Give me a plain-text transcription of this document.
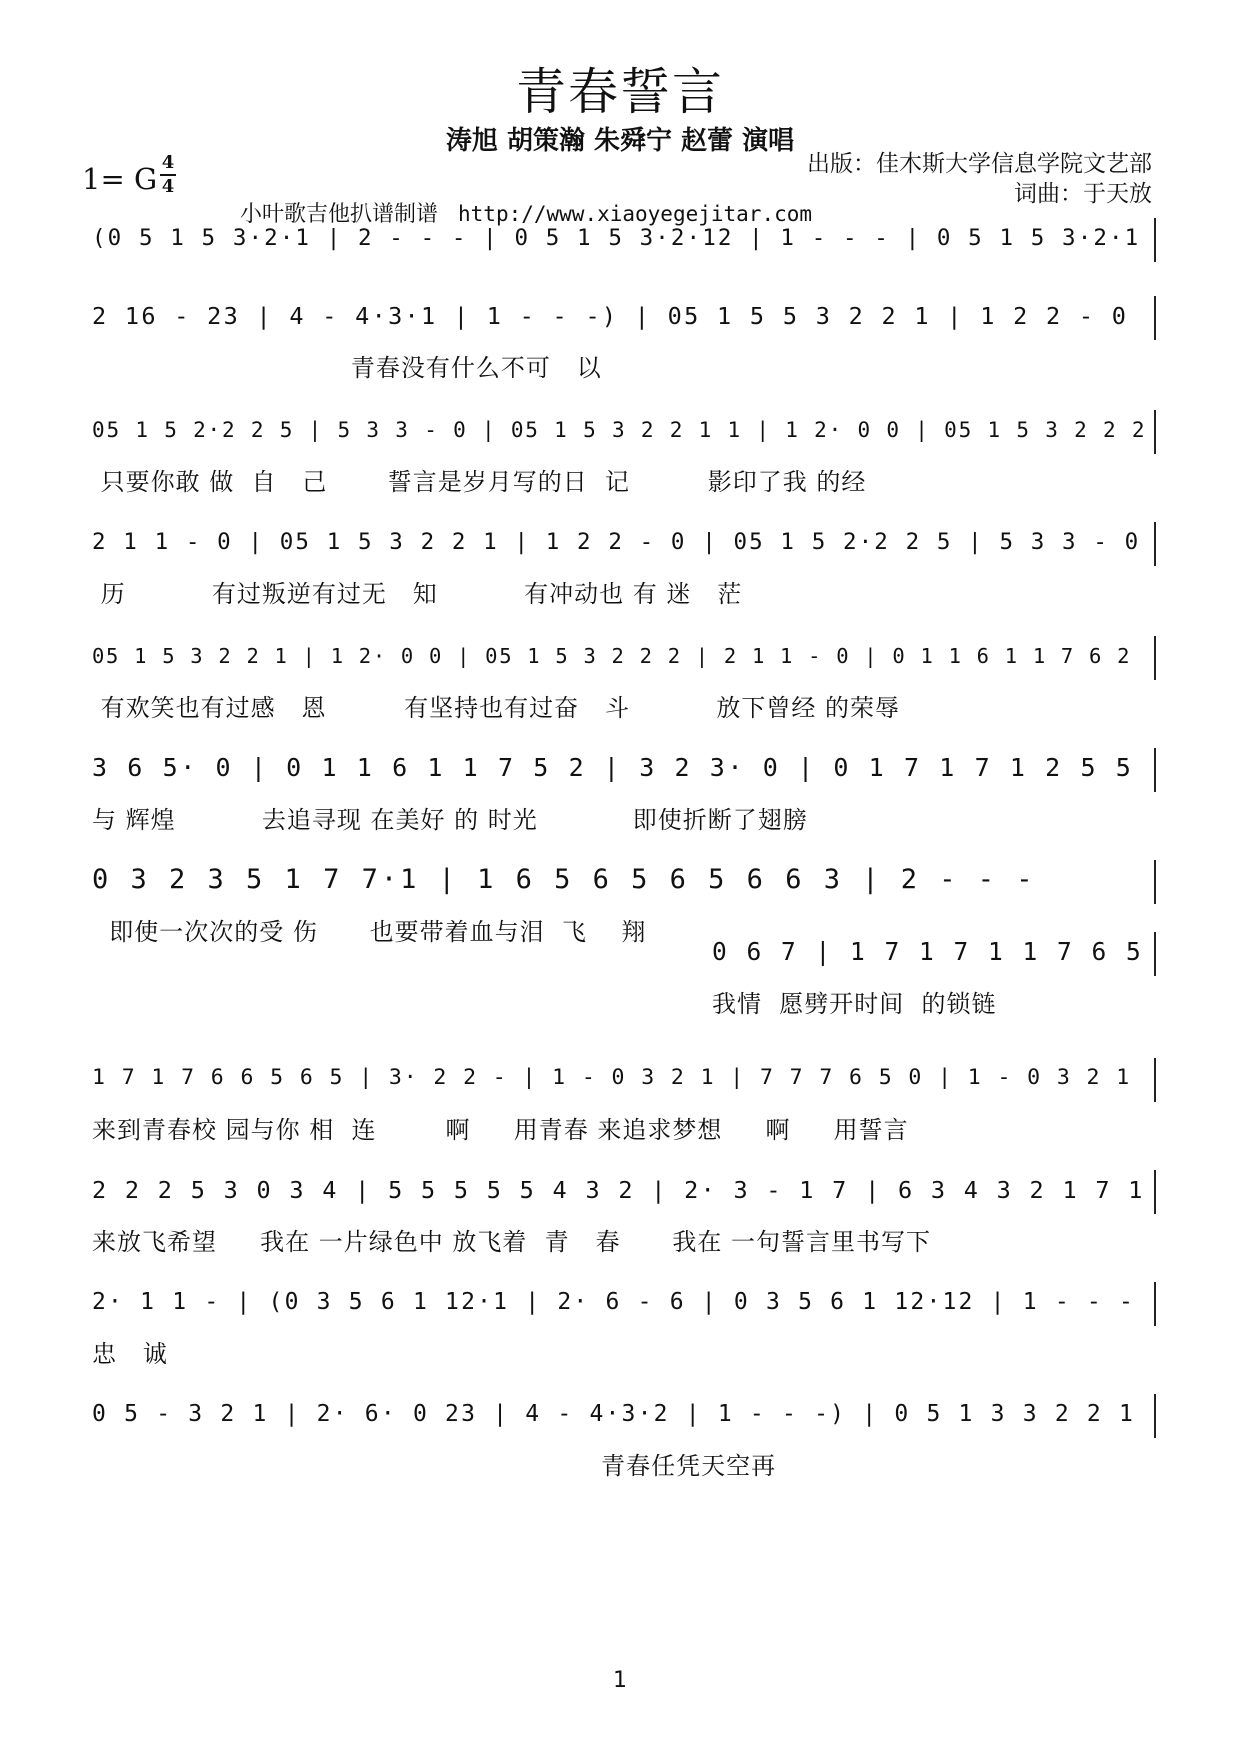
青春誓言
涛旭 胡策瀚 朱舜宁 赵蕾 演唱
出版：佳木斯大学信息学院文艺部
词曲：于天放
1= G 4
4
小叶歌吉他扒谱制谱 http://www.xiaoyegejitar.com
(0 5 1 5 3·2·1 | 2 - - - | 0 5 1 5 3·2·12 | 1 - - - | 0 5 1 5 3·2·1
2 16 - 23 | 4 - 4·3·1 | 1 - - -) | 05 1 5 5 3 2 2 1 | 1 2 2 - 0
青春没有什么不可   以
05 1 5 2·2 2 5 | 5 3 3 - 0 | 05 1 5 3 2 2 1 1 | 1 2· 0 0 | 05 1 5 3 2 2 2
只要你敢 做  自   己       誓言是岁月写的日  记         影印了我 的经
2 1 1 - 0 | 05 1 5 3 2 2 1 | 1 2 2 - 0 | 05 1 5 2·2 2 5 | 5 3 3 - 0
历          有过叛逆有过无   知          有冲动也 有 迷   茫
05 1 5 3 2 2 1 | 1 2· 0 0 | 05 1 5 3 2 2 2 | 2 1 1 - 0 | 0 1 1 6 1 1 7 6 2
有欢笑也有过感   恩         有坚持也有过奋   斗          放下曾经 的荣辱
3 6 5· 0 | 0 1 1 6 1 1 7 5 2 | 3 2 3· 0 | 0 1 7 1 7 1 2 5 5
与 辉煌          去追寻现 在美好 的 时光           即使折断了翅膀
0 3 2 3 5 1 7 7·1 | 1 6 5 6 5 6 5 6 6 3 | 2 - - -
即使一次次的受 伤      也要带着血与泪  飞    翔
0 6 7 | 1 7 1 7 1 1 7 6 5
我情  愿劈开时间  的锁链
1 7 1 7 6 6 5 6 5 | 3· 2 2 - | 1 - 0 3 2 1 | 7 7 7 6 5 0 | 1 - 0 3 2 1
来到青春校 园与你 相  连        啊     用青春 来追求梦想     啊     用誓言
2 2 2 5 3 0 3 4 | 5 5 5 5 5 4 3 2 | 2· 3 - 1 7 | 6 3 4 3 2 1 7 1
来放飞希望     我在 一片绿色中 放飞着  青   春      我在 一句誓言里书写下
2· 1 1 - | (0 3 5 6 1 12·1 | 2· 6 - 6 | 0 3 5 6 1 12·12 | 1 - - -
忠   诚
0 5 - 3 2 1 | 2· 6· 0 23 | 4 - 4·3·2 | 1 - - -) | 0 5 1 3 3 2 2 1
青春任凭天空再
1
